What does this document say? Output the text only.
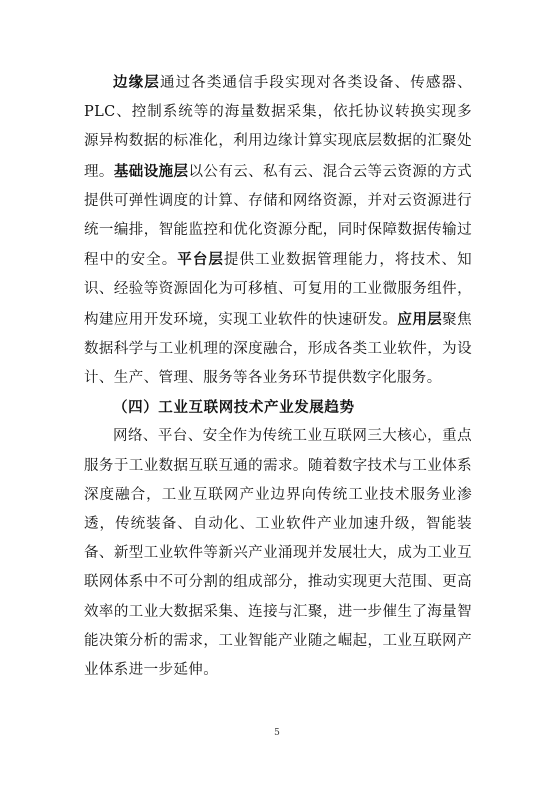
边缘层通过各类通信手段实现对各类设备、传感器、PLC、控制系统等的海量数据采集，依托协议转换实现多源异构数据的标准化，利用边缘计算实现底层数据的汇聚处理。基础设施层以公有云、私有云、混合云等云资源的方式提供可弹性调度的计算、存储和网络资源，并对云资源进行统一编排，智能监控和优化资源分配，同时保障数据传输过程中的安全。平台层提供工业数据管理能力，将技术、知识、经验等资源固化为可移植、可复用的工业微服务组件，构建应用开发环境，实现工业软件的快速研发。应用层聚焦数据科学与工业机理的深度融合，形成各类工业软件，为设计、生产、管理、服务等各业务环节提供数字化服务。

（四）工业互联网技术产业发展趋势

网络、平台、安全作为传统工业互联网三大核心，重点服务于工业数据互联互通的需求。随着数字技术与工业体系深度融合，工业互联网产业边界向传统工业技术服务业渗透，传统装备、自动化、工业软件产业加速升级，智能装备、新型工业软件等新兴产业涌现并发展壮大，成为工业互联网体系中不可分割的组成部分，推动实现更大范围、更高效率的工业大数据采集、连接与汇聚，进一步催生了海量智能决策分析的需求，工业智能产业随之崛起，工业互联网产业体系进一步延伸。

5
